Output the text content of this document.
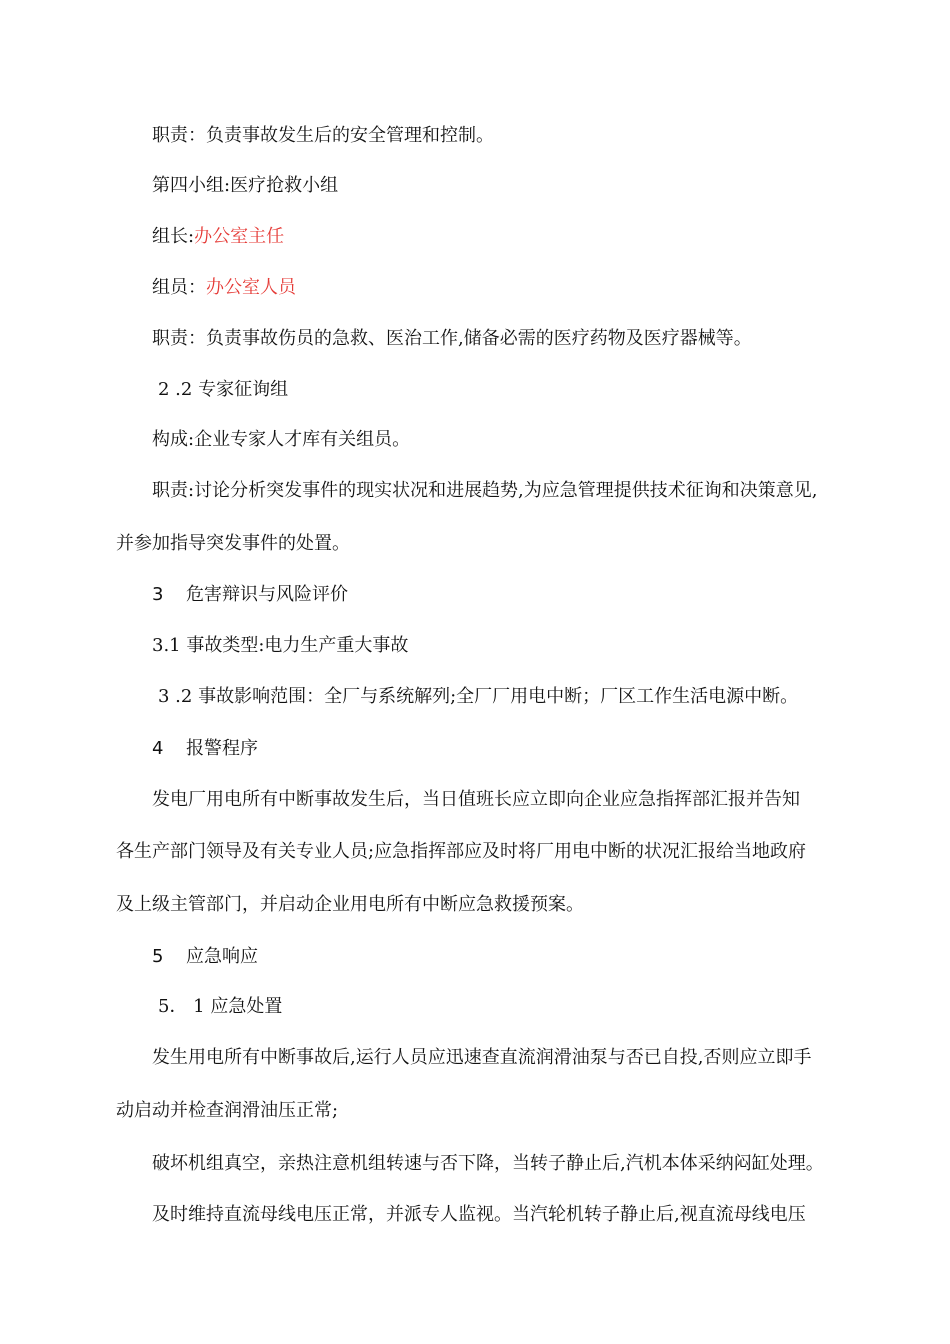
职责：负责事故发生后的安全管理和控制。
第四小组:医疗抢救小组
组长:办公室主任
组员：办公室人员
职责：负责事故伤员的急救、医治工作,储备必需的医疗药物及医疗器械等。
2 .2 专家征询组
构成:企业专家人才库有关组员。
职责:讨论分析突发事件的现实状况和进展趋势,为应急管理提供技术征询和决策意见,
并参加指导突发事件的处置。
3 危害辩识与风险评价
3.1 事故类型:电力生产重大事故
3 .2 事故影响范围：全厂与系统解列;全厂厂用电中断；厂区工作生活电源中断。
4 报警程序
发电厂用电所有中断事故发生后，当日值班长应立即向企业应急指挥部汇报并告知
各生产部门领导及有关专业人员;应急指挥部应及时将厂用电中断的状况汇报给当地政府
及上级主管部门，并启动企业用电所有中断应急救援预案。
5 应急响应
5． 1 应急处置
发生用电所有中断事故后,运行人员应迅速查直流润滑油泵与否已自投,否则应立即手
动启动并检查润滑油压正常;
破坏机组真空，亲热注意机组转速与否下降，当转子静止后,汽机本体采纳闷缸处理。
及时维持直流母线电压正常，并派专人监视。当汽轮机转子静止后,视直流母线电压
